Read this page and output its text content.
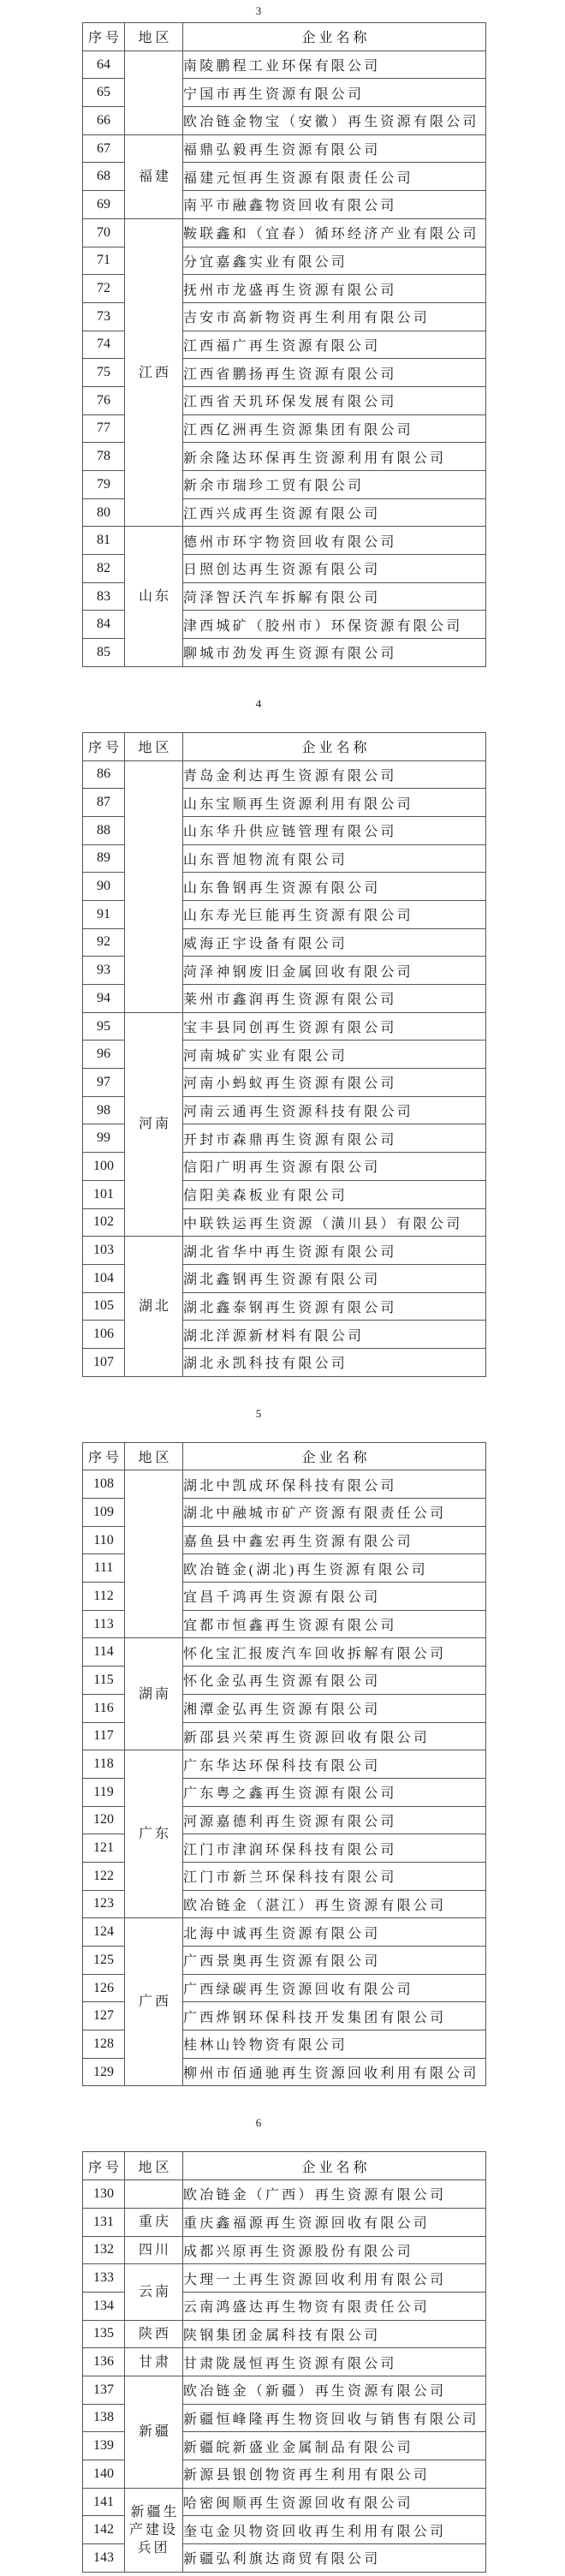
3
序号	地区	企业名称
64		南陵鹏程工业环保有限公司
65		宁国市再生资源有限公司
66		欧冶链金物宝（安徽）再生资源有限公司
67	福建	福鼎弘毅再生资源有限公司
68		福建元恒再生资源有限责任公司
69		南平市融鑫物资回收有限公司
70	江西	鞍联鑫和（宜春）循环经济产业有限公司
71		分宜嘉鑫实业有限公司
72		抚州市龙盛再生资源有限公司
73		吉安市高新物资再生利用有限公司
74		江西福广再生资源有限公司
75		江西省鹏扬再生资源有限公司
76		江西省天玑环保发展有限公司
77		江西亿洲再生资源集团有限公司
78		新余隆达环保再生资源利用有限公司
79		新余市瑞珍工贸有限公司
80		江西兴成再生资源有限公司
81	山东	德州市环宇物资回收有限公司
82		日照创达再生资源有限公司
83		菏泽智沃汽车拆解有限公司
84		津西城矿（胶州市）环保资源有限公司
85		聊城市劲发再生资源有限公司
4
序号	地区	企业名称
86		青岛金利达再生资源有限公司
87		山东宝顺再生资源利用有限公司
88		山东华升供应链管理有限公司
89		山东晋旭物流有限公司
90		山东鲁钢再生资源有限公司
91		山东寿光巨能再生资源有限公司
92		威海正宇设备有限公司
93		菏泽神钢废旧金属回收有限公司
94		莱州市鑫润再生资源有限公司
95	河南	宝丰县同创再生资源有限公司
96		河南城矿实业有限公司
97		河南小蚂蚁再生资源有限公司
98		河南云通再生资源科技有限公司
99		开封市森鼎再生资源有限公司
100		信阳广明再生资源有限公司
101		信阳美森板业有限公司
102		中联铁运再生资源（潢川县）有限公司
103	湖北	湖北省华中再生资源有限公司
104		湖北鑫钢再生资源有限公司
105		湖北鑫泰钢再生资源有限公司
106		湖北洋源新材料有限公司
107		湖北永凯科技有限公司
5
序号	地区	企业名称
108		湖北中凯成环保科技有限公司
109		湖北中融城市矿产资源有限责任公司
110		嘉鱼县中鑫宏再生资源有限公司
111		欧冶链金(湖北)再生资源有限公司
112		宜昌千鸿再生资源有限公司
113		宜都市恒鑫再生资源有限公司
114	湖南	怀化宝汇报废汽车回收拆解有限公司
115		怀化金弘再生资源有限公司
116		湘潭金弘再生资源有限公司
117		新邵县兴荣再生资源回收有限公司
118	广东	广东华达环保科技有限公司
119		广东粤之鑫再生资源有限公司
120		河源嘉德利再生资源有限公司
121		江门市津润环保科技有限公司
122		江门市新兰环保科技有限公司
123		欧冶链金（湛江）再生资源有限公司
124	广西	北海中诚再生资源有限公司
125		广西景奥再生资源有限公司
126		广西绿碳再生资源回收有限公司
127		广西烨钢环保科技开发集团有限公司
128		桂林山铃物资有限公司
129		柳州市佰通驰再生资源回收利用有限公司
6
序号	地区	企业名称
130		欧冶链金（广西）再生资源有限公司
131	重庆	重庆鑫福源再生资源回收有限公司
132	四川	成都兴原再生资源股份有限公司
133	云南	大理一土再生资源回收利用有限公司
134		云南鸿盛达再生物资有限责任公司
135	陕西	陕钢集团金属科技有限公司
136	甘肃	甘肃陇晟恒再生资源有限公司
137	新疆	欧冶链金（新疆）再生资源有限公司
138		新疆恒峰隆再生物资回收与销售有限公司
139		新疆皖新盛业金属制品有限公司
140		新源县银创物资再生利用有限公司
141	新疆生产建设兵团	哈密闽顺再生资源回收有限公司
142		奎屯金贝物资回收再生利用有限公司
143		新疆弘利旗达商贸有限公司
